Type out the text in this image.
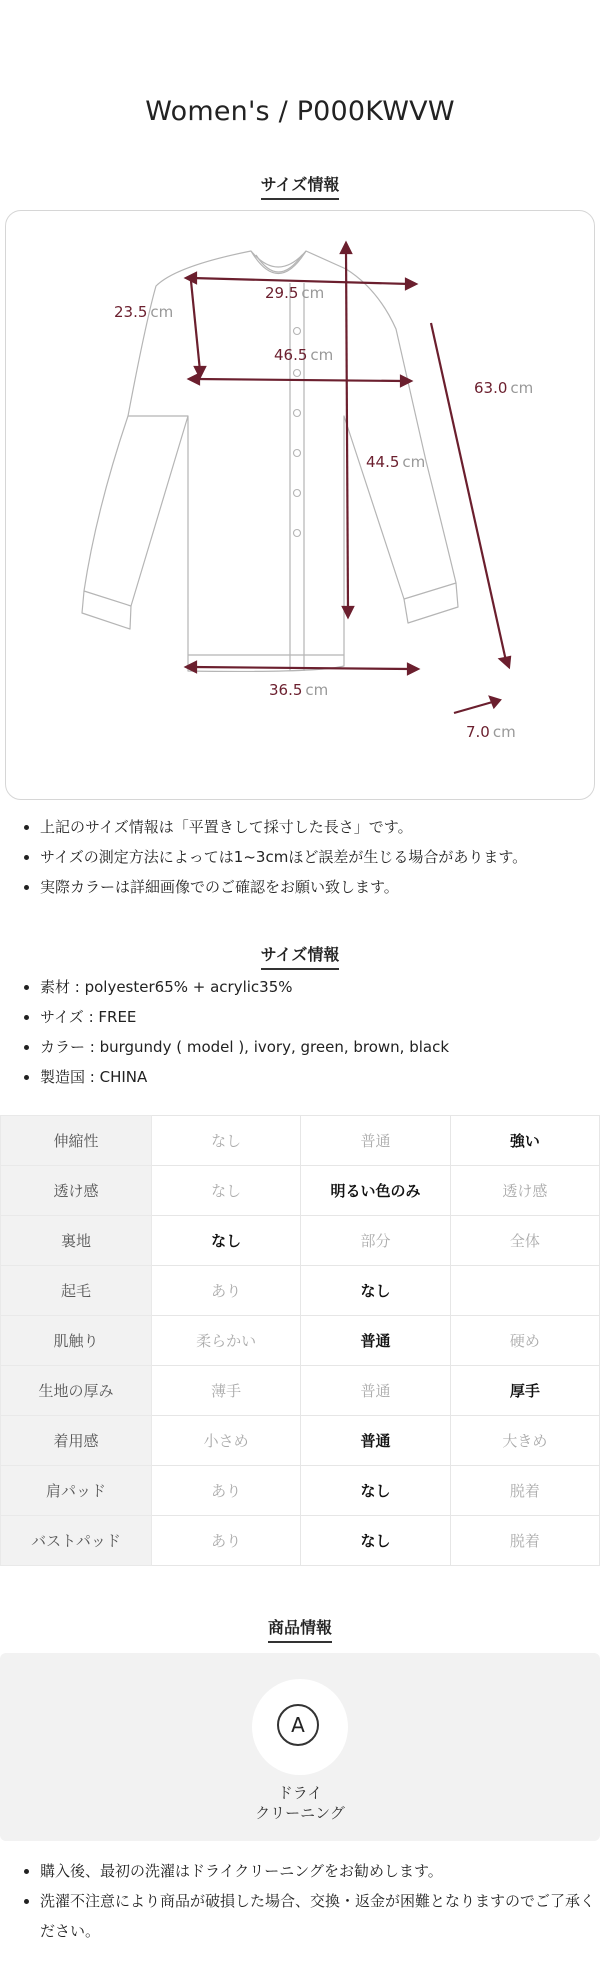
Women's / P000KWVW
サイズ情報
29.5 cm
23.5 cm
46.5 cm
63.0 cm
44.5 cm
36.5 cm
7.0 cm
• 上記のサイズ情報は「平置きして採寸した長さ」です。
• サイズの測定方法によっては1~3cmほど誤差が生じる場合があります。
• 実際カラーは詳細画像でのご確認をお願い致します。
サイズ情報
• 素材 : polyester65% + acrylic35%
• サイズ : FREE
• カラー : burgundy ( model ), ivory, green, brown, black
• 製造国 : CHINA
伸縮性	なし	普通	強い
透け感	なし	明るい色のみ	透け感
裏地	なし	部分	全体
起毛	あり	なし	
肌触り	柔らかい	普通	硬め
生地の厚み	薄手	普通	厚手
着用感	小さめ	普通	大きめ
肩パッド	あり	なし	脱着
バストパッド	あり	なし	脱着
商品情報
A
ドライ
クリーニング
• 購入後、最初の洗濯はドライクリーニングをお勧めします。
• 洗濯不注意により商品が破損した場合、交換・返金が困難となりますのでご了承ください。
